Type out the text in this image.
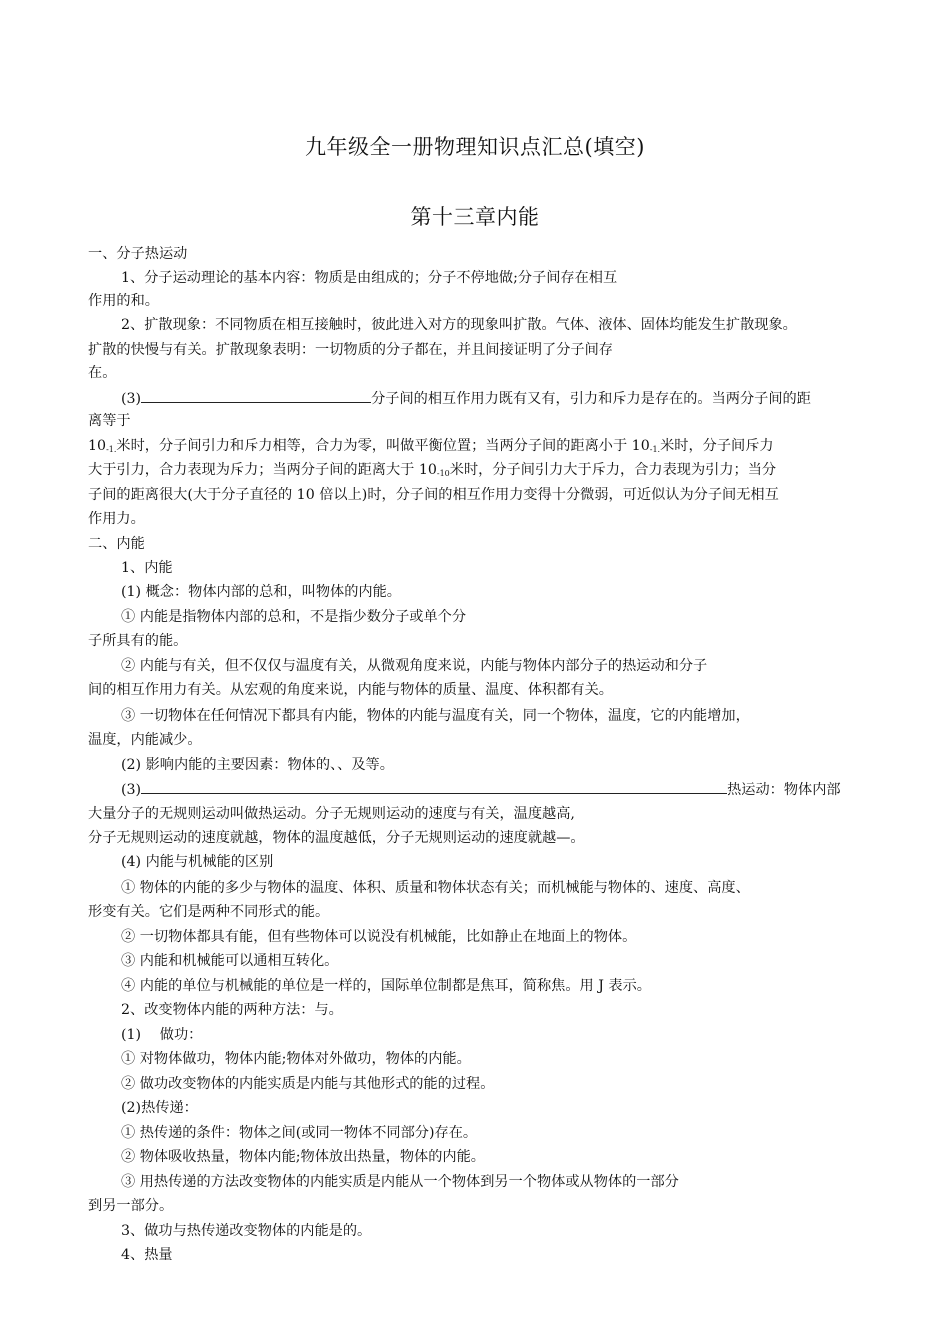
九年级全一册物理知识点汇总(填空)
第十三章内能
一、分子热运动
1、分子运动理论的基本内容：物质是由组成的；分子不停地做;分子间存在相互
作用的和。
2、扩散现象：不同物质在相互接触时，彼此进入对方的现象叫扩散。气体、液体、固体均能发生扩散现象。
扩散的快慢与有关。扩散现象表明：一切物质的分子都在，并且间接证明了分子间存
在。
(3)	分子间的相互作用力既有又有，引力和斥力是存在的。当两分子间的距
离等于
$10_{-1.}$米时，分子间引力和斥力相等，合力为零，叫做平衡位置；当两分子间的距离小于 $10_{-1.}$米时，分子间斥力
大于引力，合力表现为斥力；当两分子间的距离大于 $10_{-10}$米时，分子间引力大于斥力，合力表现为引力；当分
子间的距离很大(大于分子直径的 10 倍以上)时，分子间的相互作用力变得十分微弱，可近似认为分子间无相互
作用力。
二、内能
1、内能
(1) 概念：物体内部的总和，叫物体的内能。
① 内能是指物体内部的总和，不是指少数分子或单个分
子所具有的能。
② 内能与有关，但不仅仅与温度有关，从微观角度来说，内能与物体内部分子的热运动和分子
间的相互作用力有关。从宏观的角度来说，内能与物体的质量、温度、体积都有关。
③ 一切物体在任何情况下都具有内能，物体的内能与温度有关，同一个物体，温度，它的内能增加，
温度，内能减少。
(2) 影响内能的主要因素：物体的、、及等。
(3)	热运动：物体内部
大量分子的无规则运动叫做热运动。分子无规则运动的速度与有关，温度越高,
分子无规则运动的速度就越，物体的温度越低，分子无规则运动的速度就越—。
(4) 内能与机械能的区别
① 物体的内能的多少与物体的温度、体积、质量和物体状态有关；而机械能与物体的、速度、高度、
形变有关。它们是两种不同形式的能。
② 一切物体都具有能，但有些物体可以说没有机械能，比如静止在地面上的物体。
③ 内能和机械能可以通相互转化。
④ 内能的单位与机械能的单位是一样的，国际单位制都是焦耳，简称焦。用 J 表示。
2、改变物体内能的两种方法：与。
(1)　 做功：
① 对物体做功，物体内能;物体对外做功，物体的内能。
② 做功改变物体的内能实质是内能与其他形式的能的过程。
(2)热传递：
① 热传递的条件：物体之间(或同一物体不同部分)存在。
② 物体吸收热量，物体内能;物体放出热量，物体的内能。
③ 用热传递的方法改变物体的内能实质是内能从一个物体到另一个物体或从物体的一部分
到另一部分。
3、做功与热传递改变物体的内能是的。
4、热量
